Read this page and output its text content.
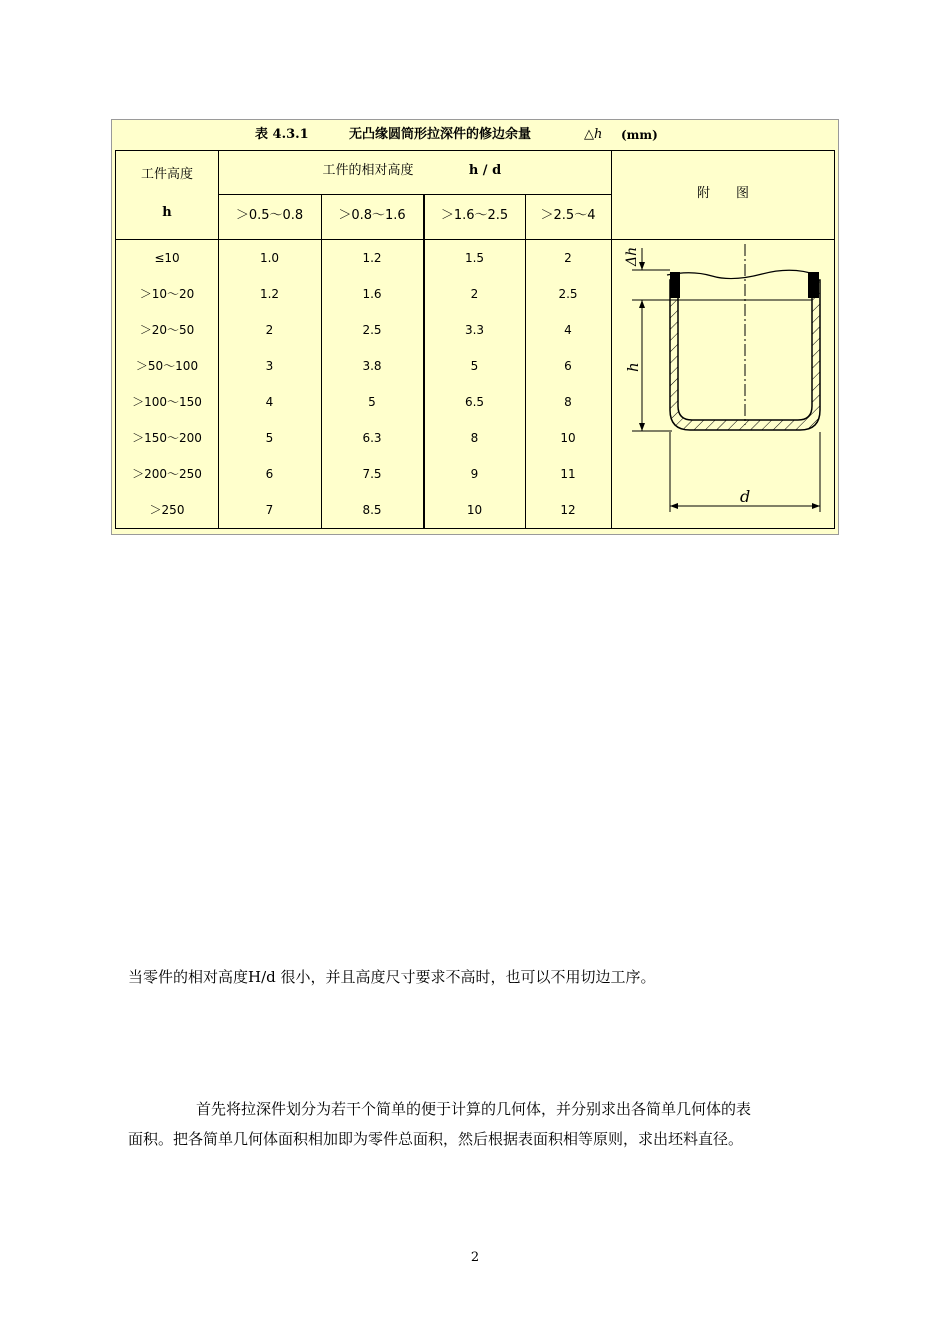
表 4.3.1	无凸缘圆筒形拉深件的修边余量	△h (mm)
工件高度
h
工件的相对高度	h / d
附　　图
＞0.5～0.8	＞0.8～1.6	＞1.6～2.5	＞2.5～4
≤10	1.0	1.2	1.5	2
＞10～20	1.2	1.6	2	2.5
＞20～50	2	2.5	3.3	4
＞50～100	3	3.8	5	6
＞100～150	4	5	6.5	8
＞150～200	5	6.3	8	10
＞200～250	6	7.5	9	11
＞250	7	8.5	10	12
Δh
h
d
当零件的相对高度H/d 很小，并且高度尺寸要求不高时，也可以不用切边工序。
首先将拉深件划分为若干个简单的便于计算的几何体，并分别求出各简单几何体的表
面积。把各简单几何体面积相加即为零件总面积，然后根据表面积相等原则，求出坯料直径。
2
